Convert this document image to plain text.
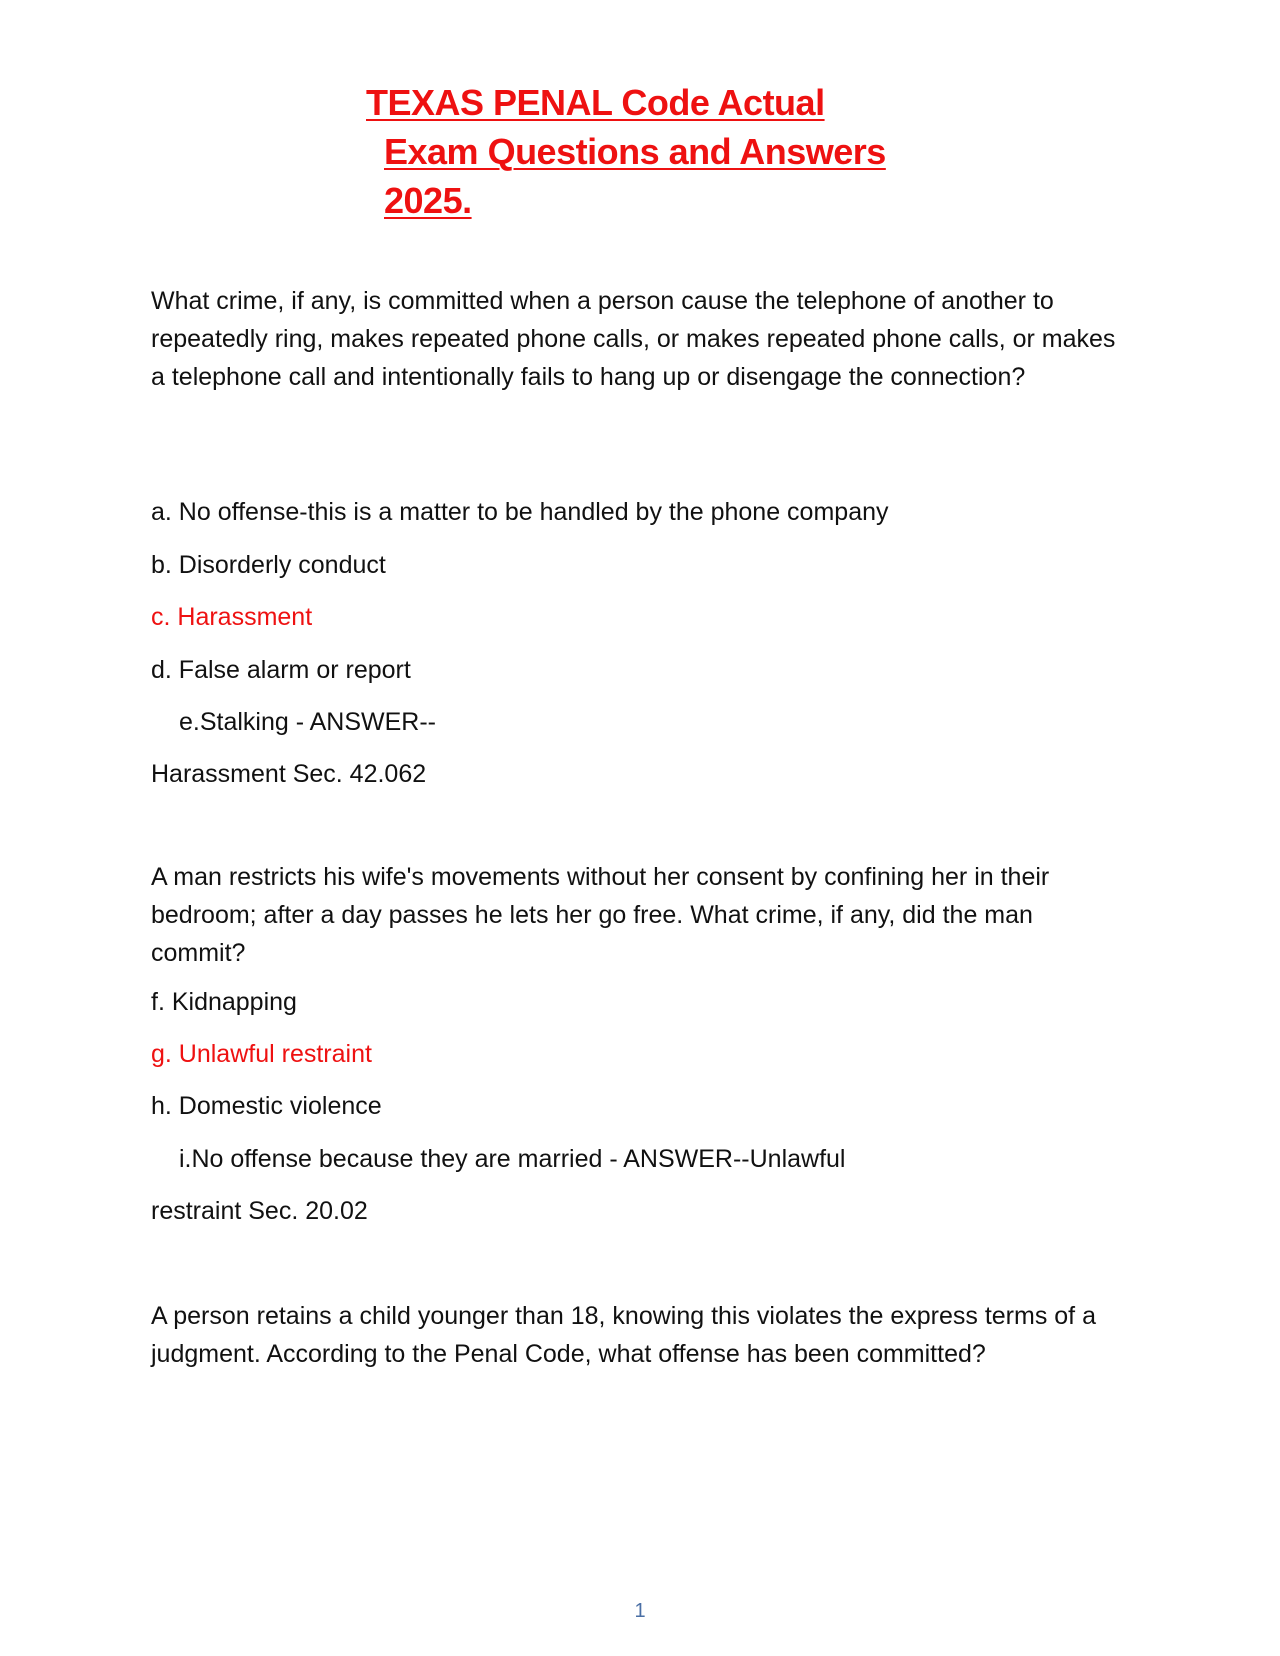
TEXAS PENAL Code Actual
Exam Questions and Answers
2025.

What crime, if any, is committed when a person cause the telephone of another to repeatedly ring, makes repeated phone calls, or makes repeated phone calls, or makes a telephone call and intentionally fails to hang up or disengage the connection?

a. No offense-this is a matter to be handled by the phone company

b. Disorderly conduct

c. Harassment

d. False alarm or report

e.Stalking - ANSWER--

Harassment Sec. 42.062

A man restricts his wife's movements without her consent by confining her in their bedroom; after a day passes he lets her go free. What crime, if any, did the man commit?

f. Kidnapping

g. Unlawful restraint

h. Domestic violence

i.No offense because they are married - ANSWER--Unlawful

restraint Sec. 20.02

A person retains a child younger than 18, knowing this violates the express terms of a judgment. According to the Penal Code, what offense has been committed?

1
